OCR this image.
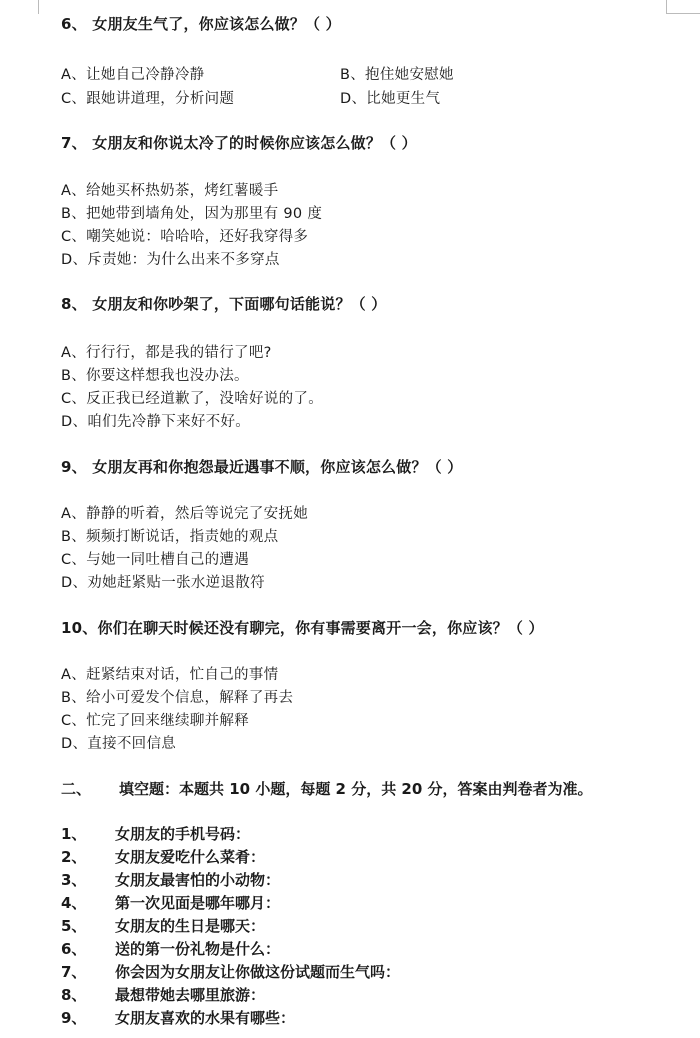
6、 女朋友生气了，你应该怎么做？（ ）
A、让她自己冷静冷静	B、抱住她安慰她
C、跟她讲道理，分析问题	D、比她更生气
7、 女朋友和你说太冷了的时候你应该怎么做？（ ）
A、给她买杯热奶茶，烤红薯暖手
B、把她带到墙角处，因为那里有 90 度
C、嘲笑她说：哈哈哈，还好我穿得多
D、斥责她：为什么出来不多穿点
8、 女朋友和你吵架了，下面哪句话能说？（ ）
A、行行行，都是我的错行了吧?
B、你要这样想我也没办法。
C、反正我已经道歉了，没啥好说的了。
D、咱们先冷静下来好不好。
9、 女朋友再和你抱怨最近遇事不顺，你应该怎么做？（ ）
A、静静的听着，然后等说完了安抚她
B、频频打断说话，指责她的观点
C、与她一同吐槽自己的遭遇
D、劝她赶紧贴一张水逆退散符
10、你们在聊天时候还没有聊完，你有事需要离开一会，你应该？（ ）
A、赶紧结束对话，忙自己的事情
B、给小可爱发个信息，解释了再去
C、忙完了回来继续聊并解释
D、直接不回信息
二、 填空题：本题共 10 小题，每题 2 分，共 20 分，答案由判卷者为准。
1、 女朋友的手机号码：
2、 女朋友爱吃什么菜肴：
3、 女朋友最害怕的小动物：
4、 第一次见面是哪年哪月：
5、 女朋友的生日是哪天：
6、 送的第一份礼物是什么：
7、 你会因为女朋友让你做这份试题而生气吗：
8、 最想带她去哪里旅游：
9、 女朋友喜欢的水果有哪些：
